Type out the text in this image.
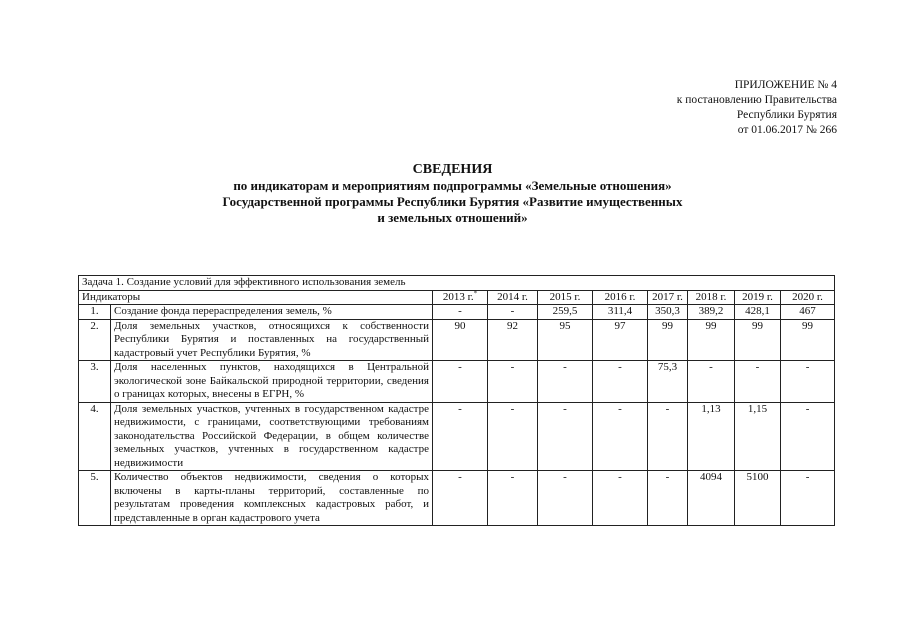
ПРИЛОЖЕНИЕ № 4
к постановлению Правительства
Республики Бурятия
от 01.06.2017 № 266
СВЕДЕНИЯ
по индикаторам и мероприятиям подпрограммы «Земельные отношения»
Государственной программы Республики Бурятия «Развитие имущественных
и земельных отношений»
Задача 1. Создание условий для эффективного использования земель									
Индикаторы		2013 г.*	2014 г.	2015 г.	2016 г.	2017 г.	2018 г.	2019 г.	2020 г.
1.	Создание фонда перераспределения земель, %	-	-	259,5	311,4	350,3	389,2	428,1	467
2.	Доля земельных участков, относящихся к собственности Республики Бурятия и поставленных на государственный кадастровый учет Республики Бурятия, %	90	92	95	97	99	99	99	99
3.	Доля населенных пунктов, находящихся в Центральной экологической зоне Байкальской природной территории, сведения о границах которых, внесены в ЕГРН, %	-	-	-	-	75,3	-	-	-
4.	Доля земельных участков, учтенных в государственном кадастре недвижимости, с границами, соответствующими требованиям законодательства Российской Федерации, в общем количестве земельных участков, учтенных в государственном кадастре недвижимости	-	-	-	-	-	1,13	1,15	-
5.	Количество объектов недвижимости, сведения о которых включены в карты-планы территорий, составленные по результатам проведения комплексных кадастровых работ, и представленные в орган кадастрового учета	-	-	-	-	-	4094	5100	-
